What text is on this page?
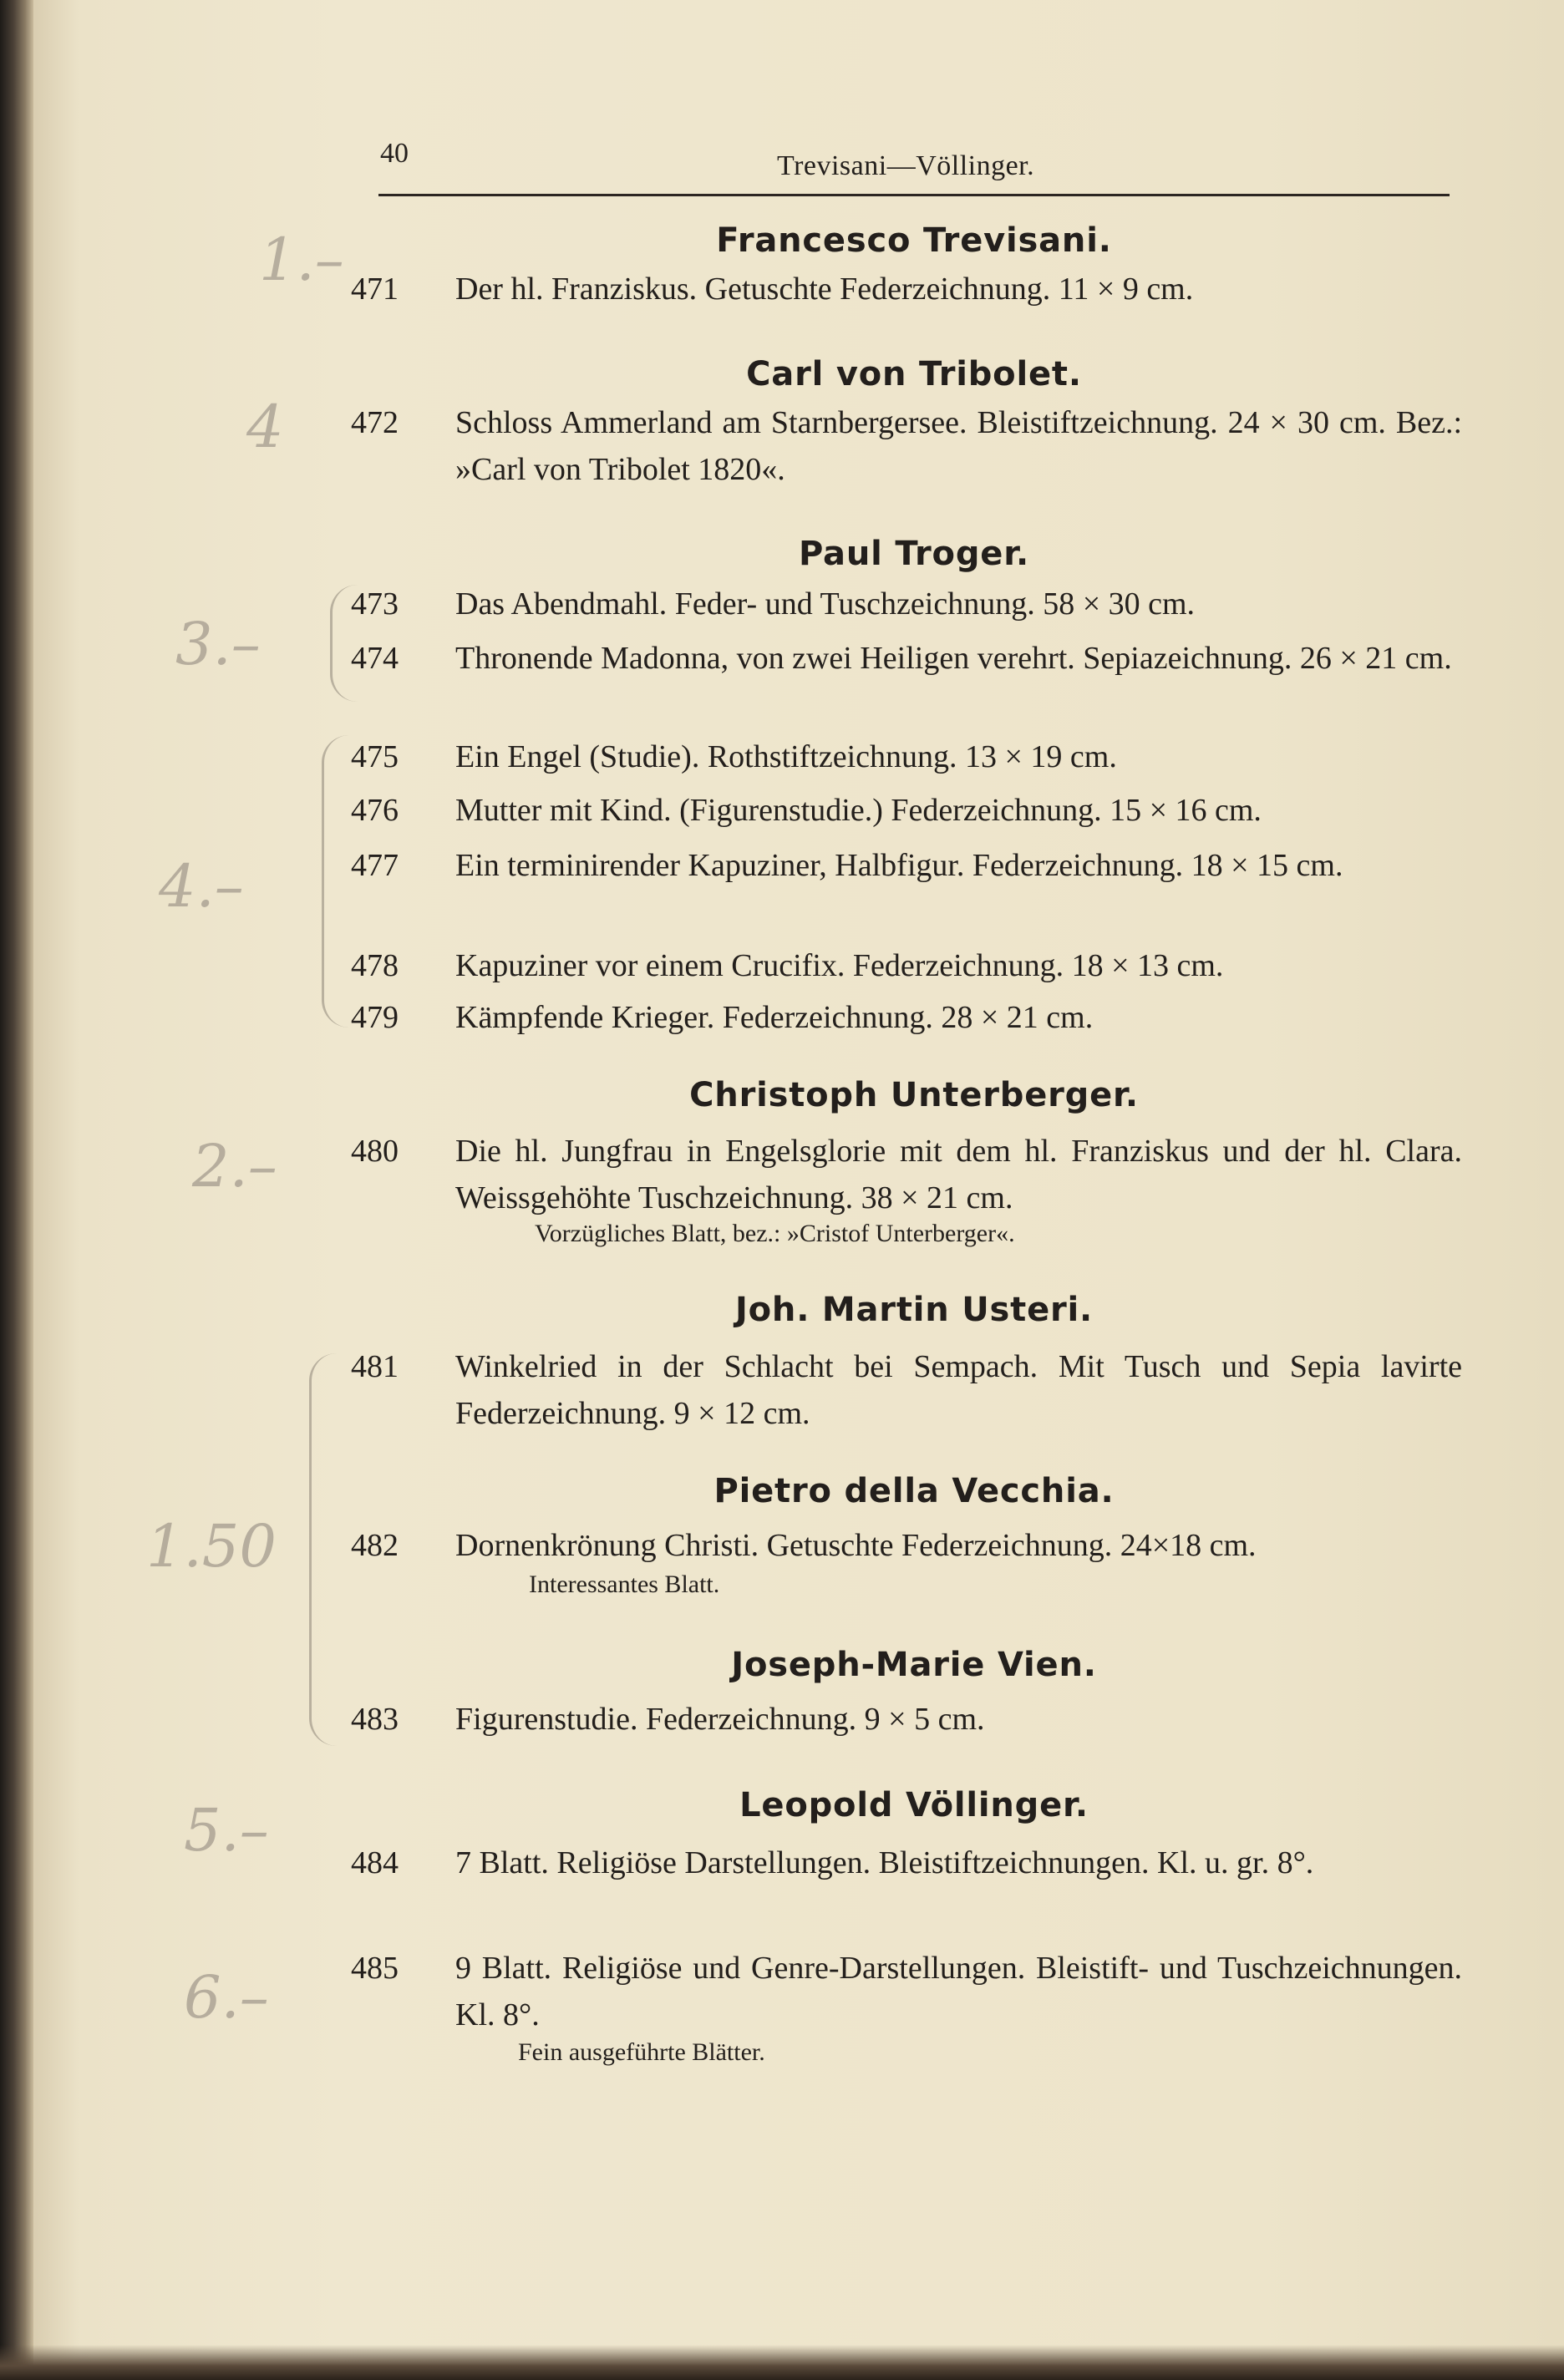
40	Trevisani—Völlinger.
Francesco Trevisani.
471	Der hl. Franziskus. Getuschte Federzeichnung. 11 × 9 cm.
Carl von Tribolet.
472	Schloss Ammerland am Starnbergersee. Bleistiftzeichnung. 24 × 30 cm. Bez.: »Carl von Tribolet 1820«.
Paul Troger.
473	Das Abendmahl. Feder- und Tuschzeichnung. 58 × 30 cm.
474	Thronende Madonna, von zwei Heiligen verehrt. Sepiazeichnung. 26 × 21 cm.
475	Ein Engel (Studie). Rothstiftzeichnung. 13 × 19 cm.
476	Mutter mit Kind. (Figurenstudie.) Federzeichnung. 15 × 16 cm.
477	Ein terminirender Kapuziner, Halbfigur. Federzeichnung. 18 × 15 cm.
478	Kapuziner vor einem Crucifix. Federzeichnung. 18 × 13 cm.
479	Kämpfende Krieger. Federzeichnung. 28 × 21 cm.
Christoph Unterberger.
480	Die hl. Jungfrau in Engelsglorie mit dem hl. Franziskus und der hl. Clara. Weissgehöhte Tuschzeichnung. 38 × 21 cm.
Vorzügliches Blatt, bez.: »Cristof Unterberger«.
Joh. Martin Usteri.
481	Winkelried in der Schlacht bei Sempach. Mit Tusch und Sepia lavirte Federzeichnung. 9 × 12 cm.
Pietro della Vecchia.
482	Dornenkrönung Christi. Getuschte Federzeichnung. 24×18 cm.
Interessantes Blatt.
Joseph-Marie Vien.
483	Figurenstudie. Federzeichnung. 9 × 5 cm.
Leopold Völlinger.
484	7 Blatt. Religiöse Darstellungen. Bleistiftzeichnungen. Kl. u. gr. 8°.
485	9 Blatt. Religiöse und Genre-Darstellungen. Bleistift- und Tuschzeichnungen. Kl. 8°.
Fein ausgeführte Blätter.
1.–
4
3.–
4.–
2.–
1.50
5.–
6.–
